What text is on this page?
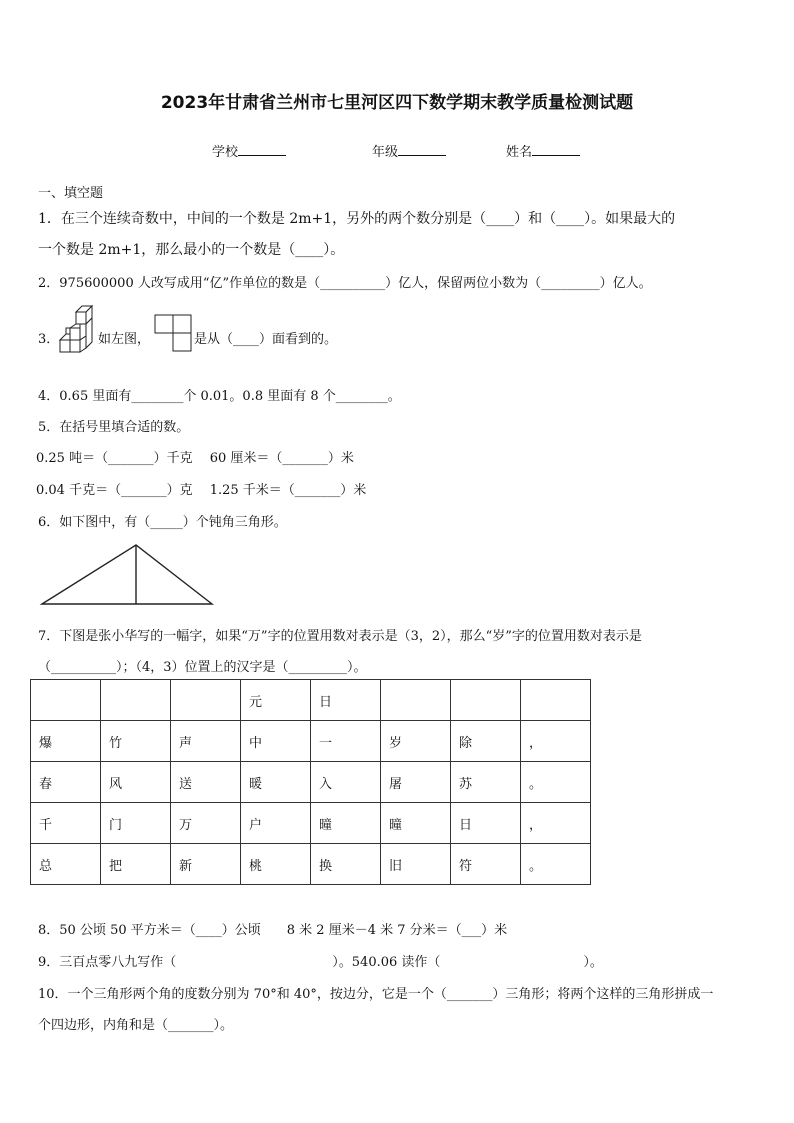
2023年甘肃省兰州市七里河区四下数学期末教学质量检测试题
学校	年级	姓名
一、填空题
1．在三个连续奇数中，中间的一个数是 2m+1，另外的两个数分别是（____）和（____）。如果最大的
一个数是 2m+1，那么最小的一个数是（____）。
2．975600000 人改写成用“亿”作单位的数是（__________）亿人，保留两位小数为（_________）亿人。
3．	如左图，	是从（____）面看到的。
4．0.65 里面有________个 0.01。0.8 里面有 8 个________。
5．在括号里填合适的数。
0.25 吨＝（_______）千克　 60 厘米＝（_______）米
0.04 千克＝（_______）克　 1.25 千米＝（_______）米
6．如下图中，有（_____）个钝角三角形。
7．下图是张小华写的一幅字，如果“万”字的位置用数对表示是（3，2），那么“岁”字的位置用数对表示是
（__________）；（4，3）位置上的汉字是（_________）。
			元	日			
爆	竹	声	中	一	岁	除	，
春	风	送	暖	入	屠	苏	。
千	门	万	户	曈	曈	日	，
总	把	新	桃	换	旧	符	。
8．50 公顷 50 平方米＝（____）公顷　　8 米 2 厘米－4 米 7 分米＝（___）米
9．三百点零八九写作（　　　　　　　　　　　　）。540.06 读作（　　　　　　　　　　　）。
10．一个三角形两个角的度数分别为 70°和 40°，按边分，它是一个（_______）三角形；将两个这样的三角形拼成一
个四边形，内角和是（_______）。
